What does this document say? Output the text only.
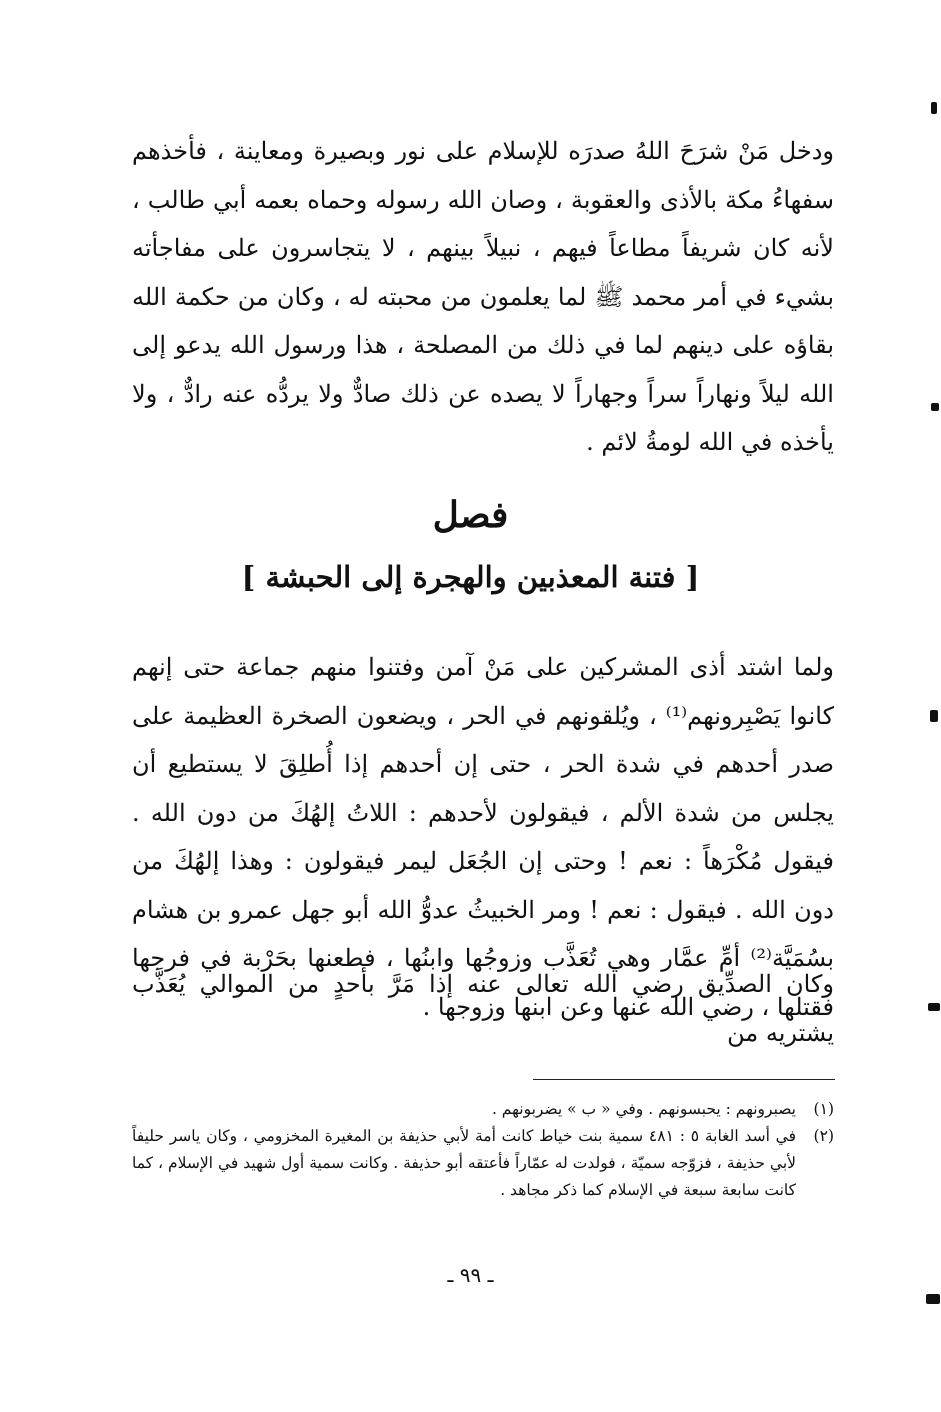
ودخل مَنْ شرَحَ اللهُ صدرَه للإسلام على نور وبصيرة ومعاينة ، فأخذهم سفهاءُ مكة بالأذى والعقوبة ، وصان الله رسوله وحماه بعمه أبي طالب ، لأنه كان شريفاً مطاعاً فيهم ، نبيلاً بينهم ، لا يتجاسرون على مفاجأته بشيء في أمر محمد ﷺ لما يعلمون من محبته له ، وكان من حكمة الله بقاؤه على دينهم لما في ذلك من المصلحة ، هذا ورسول الله يدعو إلى الله ليلاً ونهاراً سراً وجهاراً لا يصده عن ذلك صادٌّ ولا يردُّه عنه رادٌّ ، ولا يأخذه في الله لومةُ لائم .

فصل
[ فتنة المعذبين والهجرة إلى الحبشة ]

ولما اشتد أذى المشركين على مَنْ آمن وفتنوا منهم جماعة حتى إنهم كانوا يَصْبِرونهم⁽¹⁾ ، ويُلقونهم في الحر ، ويضعون الصخرة العظيمة على صدر أحدهم في شدة الحر ، حتى إن أحدهم إذا أُطلِقَ لا يستطيع أن يجلس من شدة الألم ، فيقولون لأحدهم : اللاتُ إلهُكَ من دون الله . فيقول مُكْرَهاً : نعم ! وحتى إن الجُعَل ليمر فيقولون : وهذا إلهُكَ من دون الله . فيقول : نعم ! ومر الخبيثُ عدوُّ الله أبو جهل عمرو بن هشام بسُمَيَّة⁽²⁾ أمِّ عمَّار وهي تُعَذَّب وزوجُها وابنُها ، فطعنها بحَرْبة في فرجها فقتلها ، رضي الله عنها وعن ابنها وزوجها .

وكان الصدِّيق رضي الله تعالى عنه إذا مَرَّ بأحدٍ من الموالي يُعَذَّب يشتريه من

(١)
يصبرونهم : يحبسونهم . وفي « ب » يضربونهم .

(٢)
في أسد الغابة ٥ : ٤٨١ سمية بنت خياط كانت أمة لأبي حذيفة بن المغيرة المخزومي ، وكان ياسر حليفاً لأبي حذيفة ، فزوّجه سميّة ، فولدت له عمّاراً فأعتقه أبو حذيفة . وكانت سمية أول شهيد في الإسلام ، كما كانت سابعة سبعة في الإسلام كما ذكر مجاهد .

ـ ٩٩ ـ
